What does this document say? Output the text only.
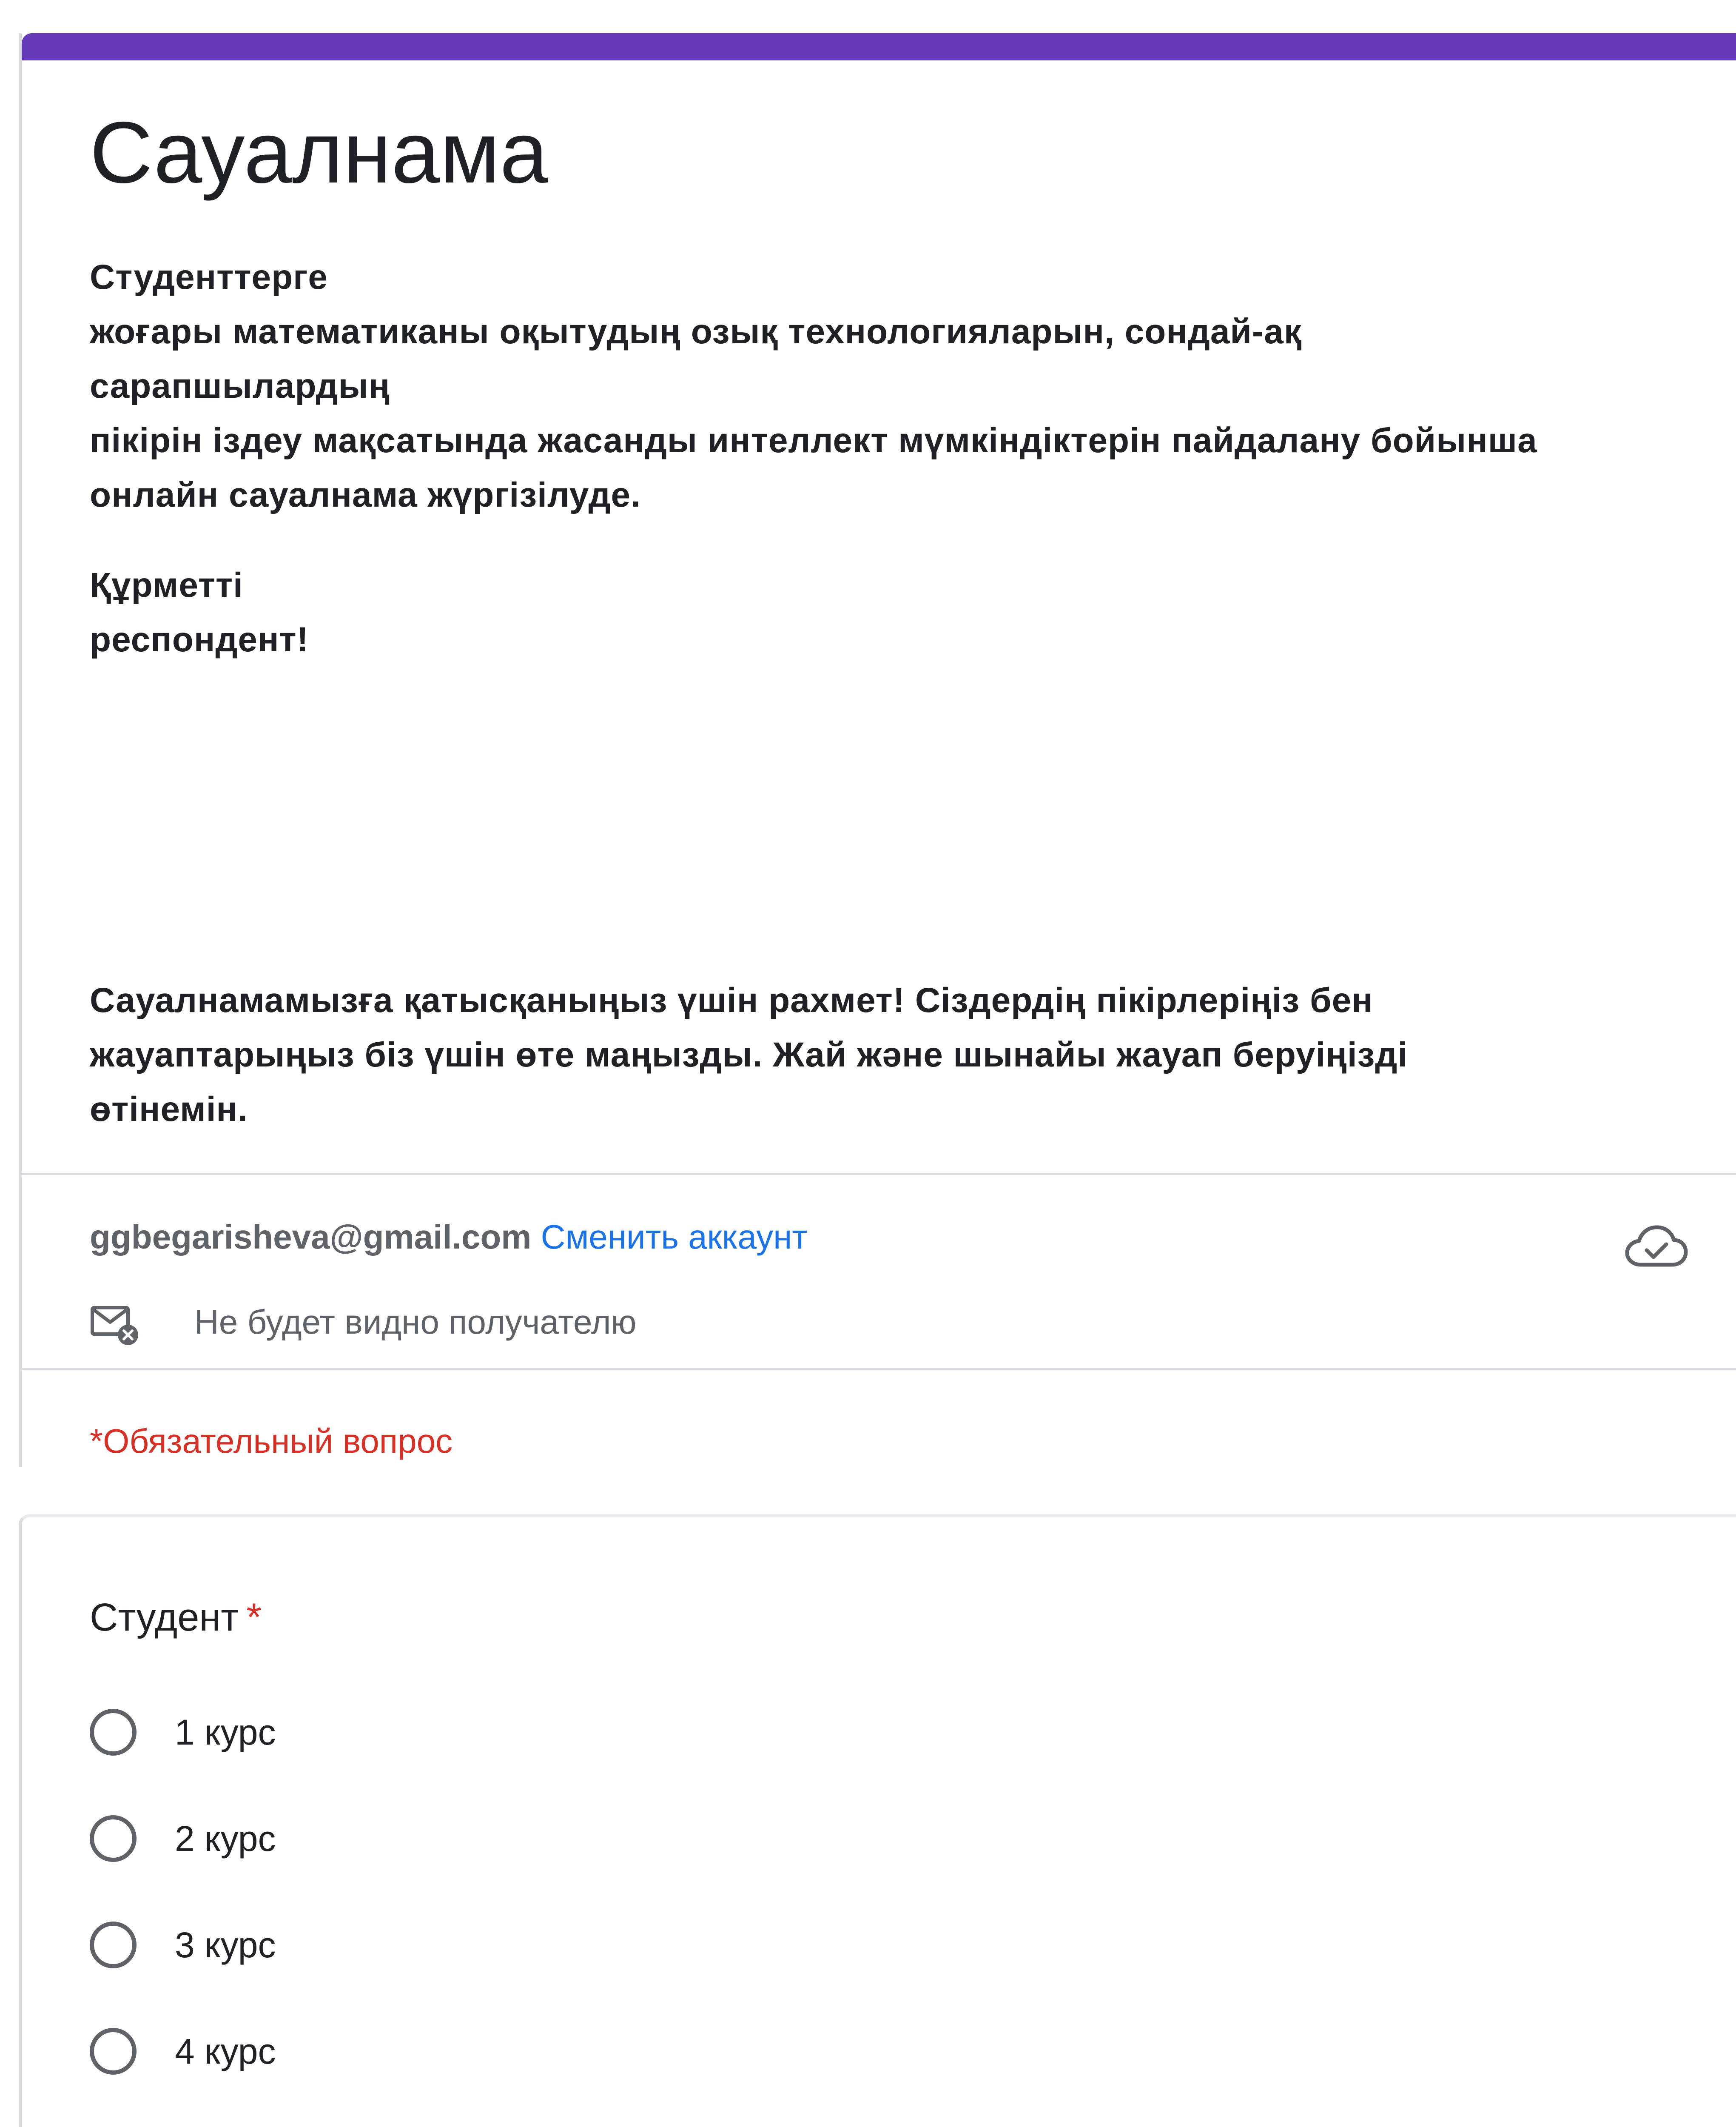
Сауалнама

Студенттерге

жоғары математиканы оқытудың озық технологияларын, сондай-ақ

сарапшылардың

пікірін іздеу мақсатында жасанды интеллект мүмкіндіктерін пайдалану бойынша

онлайн сауалнама жүргізілуде.

Құрметті

респондент!

Сауалнамамызға қатысқаныңыз үшін рахмет! Сіздердің пікірлеріңіз бен

жауаптарыңыз біз үшін өте маңызды. Жай және шынайы жауап беруіңізді

өтінемін.

ggbegarisheva@gmail.com Сменить аккаунт
Не будет видно получателю
*Обязательный вопрос
Студент *
1 курс
2 курс
3 курс
4 курс
